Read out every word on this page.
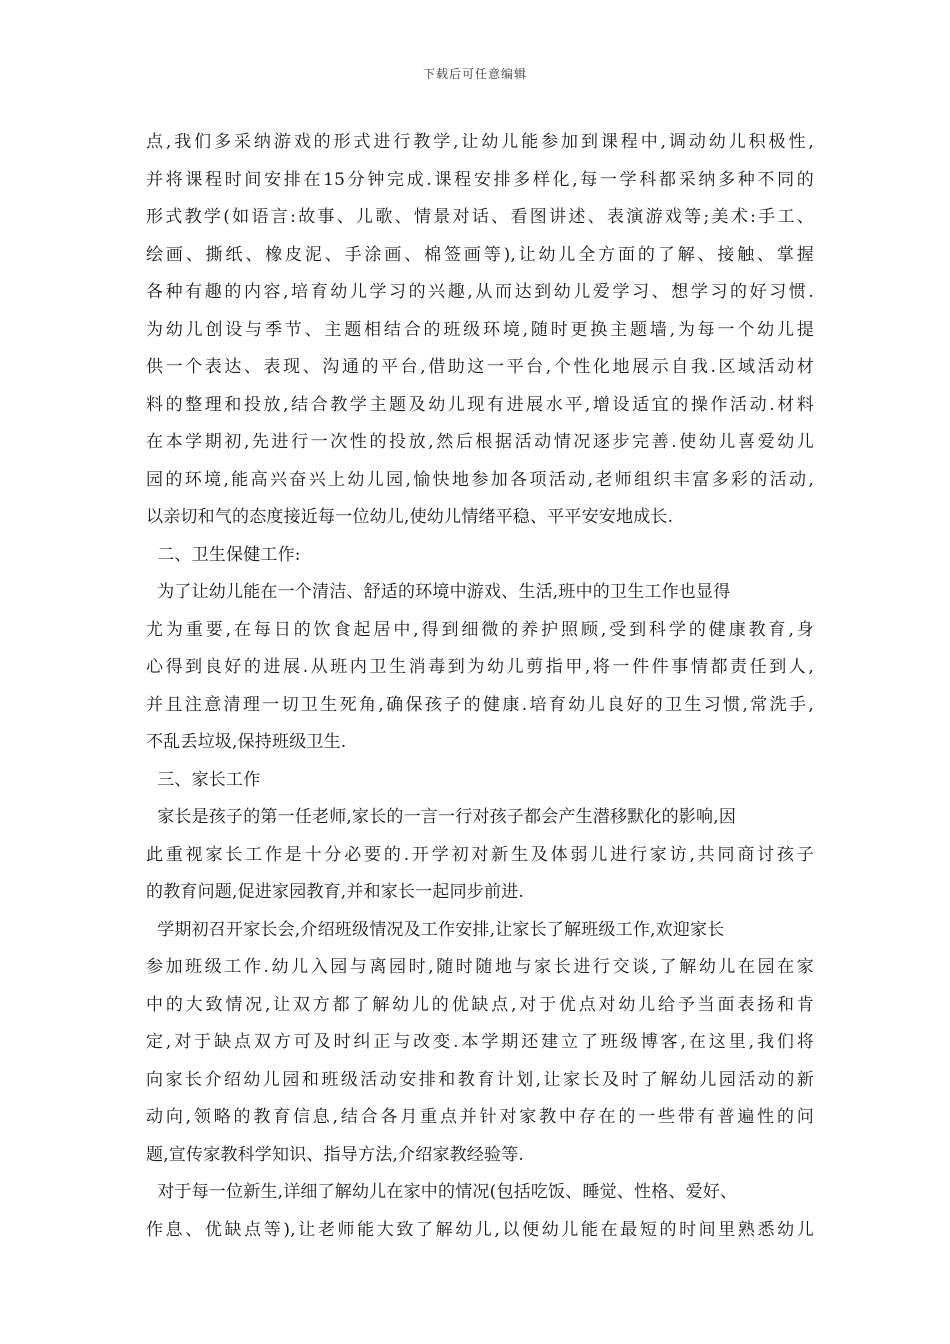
下载后可任意编辑
点,我们多采纳游戏的形式进行教学,让幼儿能参加到课程中,调动幼儿积极性,
并将课程时间安排在15分钟完成.课程安排多样化,每一学科都采纳多种不同的
形式教学(如语言:故事、儿歌、情景对话、看图讲述、表演游戏等;美术:手工、
绘画、撕纸、橡皮泥、手涂画、棉签画等),让幼儿全方面的了解、接触、掌握
各种有趣的内容,培育幼儿学习的兴趣,从而达到幼儿爱学习、想学习的好习惯.
为幼儿创设与季节、主题相结合的班级环境,随时更换主题墙,为每一个幼儿提
供一个表达、表现、沟通的平台,借助这一平台,个性化地展示自我.区域活动材
料的整理和投放,结合教学主题及幼儿现有进展水平,增设适宜的操作活动.材料
在本学期初,先进行一次性的投放,然后根据活动情况逐步完善.使幼儿喜爱幼儿
园的环境,能高兴奋兴上幼儿园,愉快地参加各项活动,老师组织丰富多彩的活动,
以亲切和气的态度接近每一位幼儿,使幼儿情绪平稳、平平安安地成长.
二、卫生保健工作:
为了让幼儿能在一个清洁、舒适的环境中游戏、生活,班中的卫生工作也显得
尤为重要,在每日的饮食起居中,得到细微的养护照顾,受到科学的健康教育,身
心得到良好的进展.从班内卫生消毒到为幼儿剪指甲,将一件件事情都责任到人,
并且注意清理一切卫生死角,确保孩子的健康.培育幼儿良好的卫生习惯,常洗手,
不乱丢垃圾,保持班级卫生.
三、家长工作
家长是孩子的第一任老师,家长的一言一行对孩子都会产生潜移默化的影响,因
此重视家长工作是十分必要的.开学初对新生及体弱儿进行家访,共同商讨孩子
的教育问题,促进家园教育,并和家长一起同步前进.
学期初召开家长会,介绍班级情况及工作安排,让家长了解班级工作,欢迎家长
参加班级工作.幼儿入园与离园时,随时随地与家长进行交谈,了解幼儿在园在家
中的大致情况,让双方都了解幼儿的优缺点,对于优点对幼儿给予当面表扬和肯
定,对于缺点双方可及时纠正与改变.本学期还建立了班级博客,在这里,我们将
向家长介绍幼儿园和班级活动安排和教育计划,让家长及时了解幼儿园活动的新
动向,领略的教育信息,结合各月重点并针对家教中存在的一些带有普遍性的问
题,宣传家教科学知识、指导方法,介绍家教经验等.
对于每一位新生,详细了解幼儿在家中的情况(包括吃饭、睡觉、性格、爱好、
作息、优缺点等),让老师能大致了解幼儿,以便幼儿能在最短的时间里熟悉幼儿
